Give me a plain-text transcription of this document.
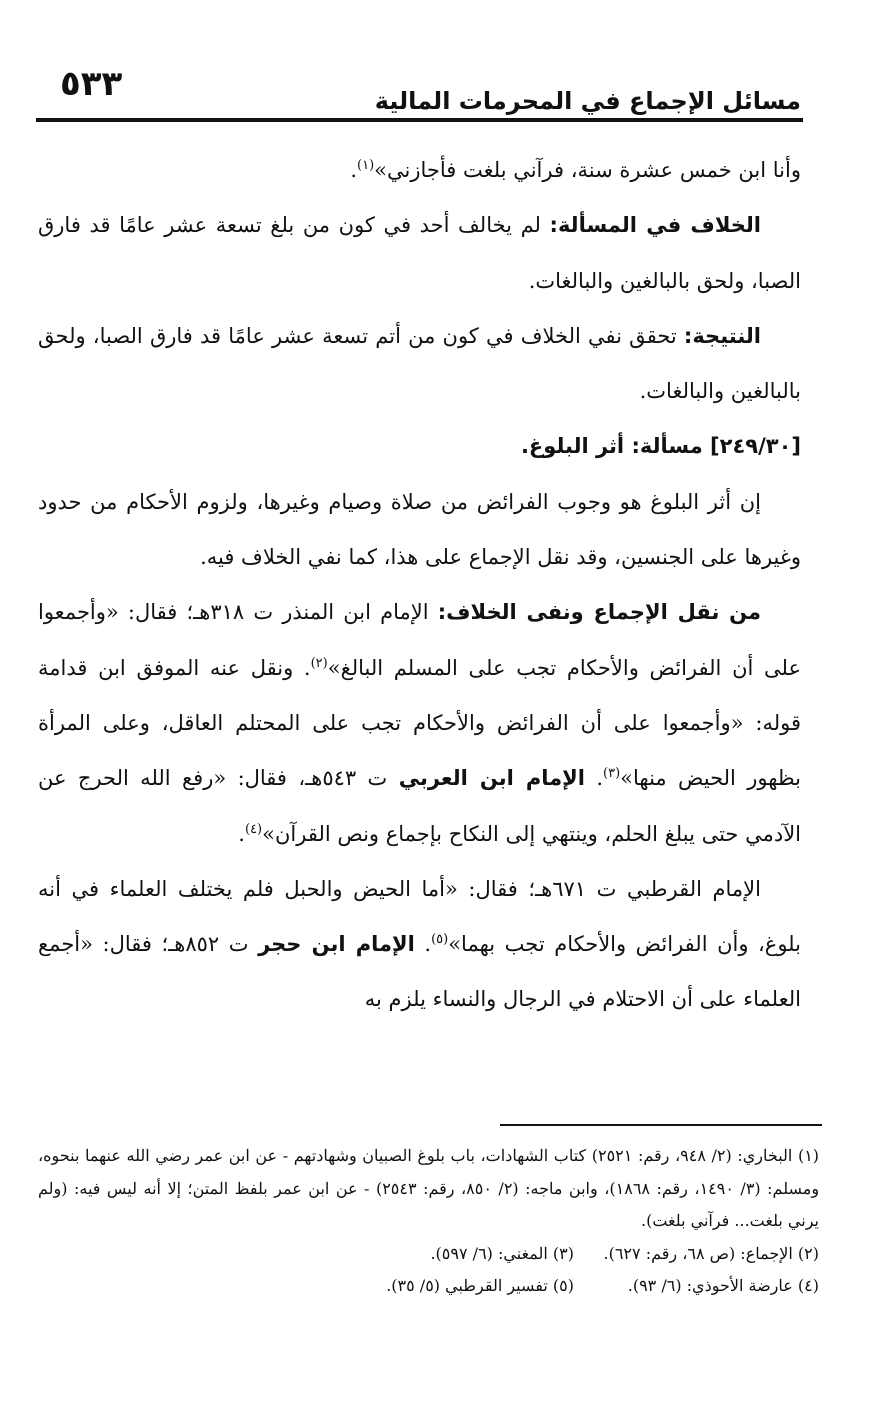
٥٣٣	مسائل الإجماع في المحرمات المالية

وأنا ابن خمس عشرة سنة، فرآني بلغت فأجازني»$^{(١)}$.

الخلاف في المسألة: لم يخالف أحد في كون من بلغ تسعة عشر عامًا قد فارق الصبا، ولحق بالبالغين والبالغات.

النتيجة: تحقق نفي الخلاف في كون من أتم تسعة عشر عامًا قد فارق الصبا، ولحق بالبالغين والبالغات.

[٢٤٩/٣٠] مسألة: أثر البلوغ.

إن أثر البلوغ هو وجوب الفرائض من صلاة وصيام وغيرها، ولزوم الأحكام من حدود وغيرها على الجنسين، وقد نقل الإجماع على هذا، كما نفي الخلاف فيه.

من نقل الإجماع ونفى الخلاف: الإمام ابن المنذر ت ٣١٨هـ؛ فقال: «وأجمعوا على أن الفرائض والأحكام تجب على المسلم البالغ»$^{(٢)}$. ونقل عنه الموفق ابن قدامة قوله: «وأجمعوا على أن الفرائض والأحكام تجب على المحتلم العاقل، وعلى المرأة بظهور الحيض منها»$^{(٣)}$. الإمام ابن العربي ت ٥٤٣هـ، فقال: «رفع الله الحرج عن الآدمي حتى يبلغ الحلم، وينتهي إلى النكاح بإجماع ونص القرآن»$^{(٤)}$.

الإمام القرطبي ت ٦٧١هـ؛ فقال: «أما الحيض والحبل فلم يختلف العلماء في أنه بلوغ، وأن الفرائض والأحكام تجب بهما»$^{(٥)}$. الإمام ابن حجر ت ٨٥٢هـ؛ فقال: «أجمع العلماء على أن الاحتلام في الرجال والنساء يلزم به

(١) البخاري: (٢/ ٩٤٨، رقم: ٢٥٢١) كتاب الشهادات، باب بلوغ الصبيان وشهادتهم - عن ابن عمر رضي الله عنهما بنحوه، ومسلم: (٣/ ١٤٩٠، رقم: ١٨٦٨)، وابن ماجه: (٢/ ٨٥٠، رقم: ٢٥٤٣) - عن ابن عمر بلفظ المتن؛ إلا أنه ليس فيه: (ولم يرني بلغت... فرآني بلغت).

(٢) الإجماع: (ص ٦٨، رقم: ٦٢٧).
(٣) المغني: (٦/ ٥٩٧).
(٤) عارضة الأحوذي: (٦/ ٩٣).
(٥) تفسير القرطبي (٥/ ٣٥).
